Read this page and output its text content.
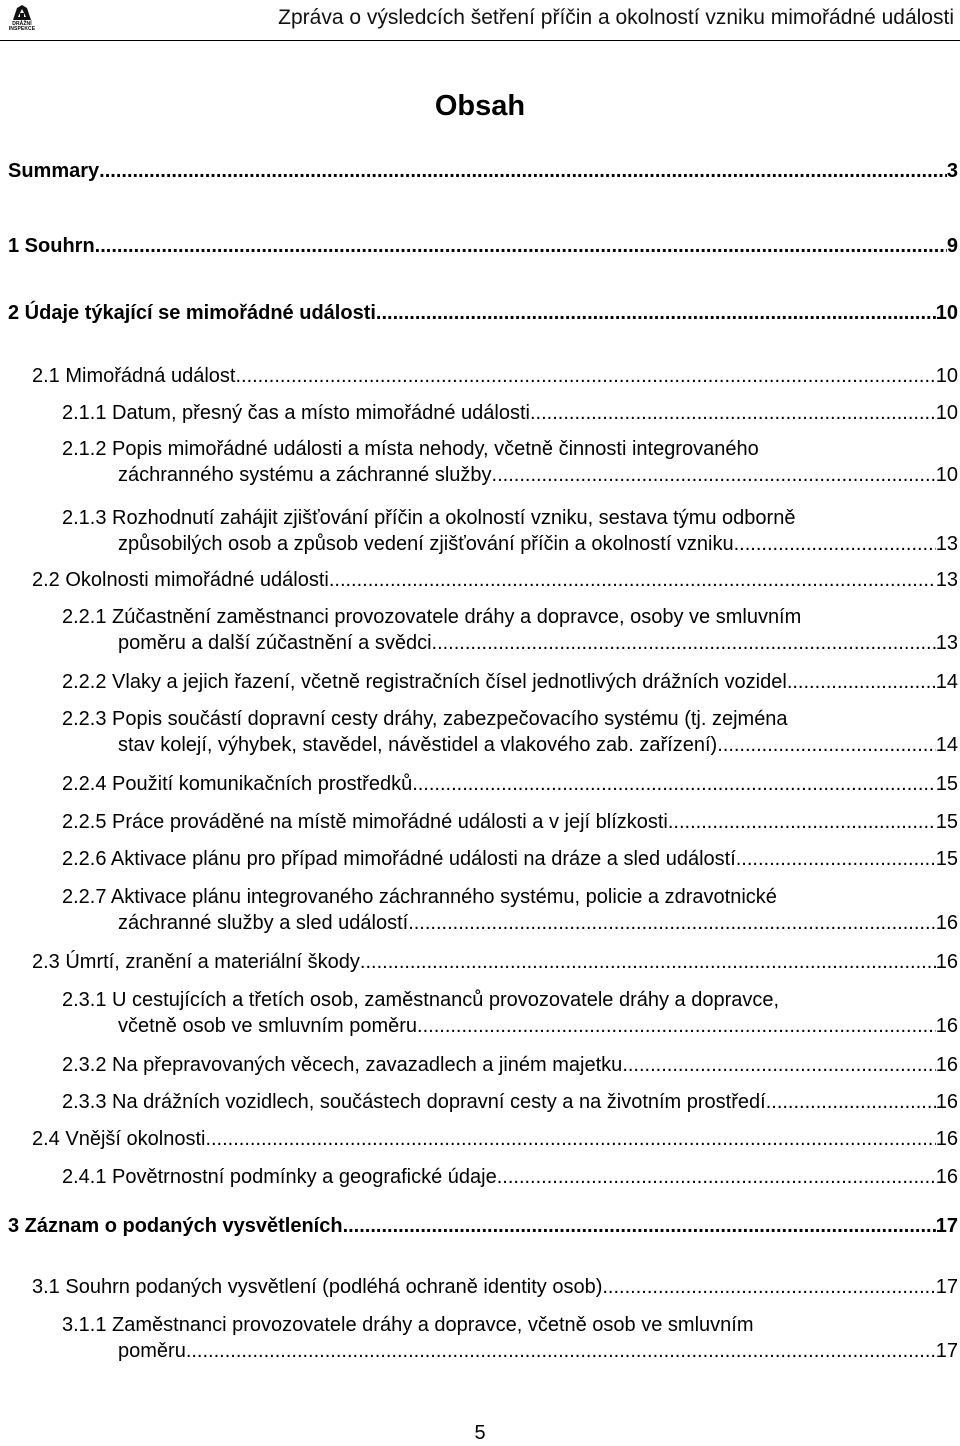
DRÁŽNÍ
INSPEKCE	Zpráva o výsledcích šetření příčin a okolností vzniku mimořádné události
Obsah
Summary .....	3
1 Souhrn .....	9
2 Údaje týkající se mimořádné události .....	10
2.1 Mimořádná událost .....	10
2.1.1 Datum, přesný čas a místo mimořádné události .....	10
2.1.2 Popis mimořádné události a místa nehody, včetně činnosti integrovaného
záchranného systému a záchranné služby .....	10
2.1.3 Rozhodnutí zahájit zjišťování příčin a okolností vzniku, sestava týmu odborně
způsobilých osob a způsob vedení zjišťování příčin a okolností vzniku .....	13
2.2 Okolnosti mimořádné události .....	13
2.2.1 Zúčastnění zaměstnanci provozovatele dráhy a dopravce, osoby ve smluvním
poměru a další zúčastnění a svědci .....	13
2.2.2 Vlaky a jejich řazení, včetně registračních čísel jednotlivých drážních vozidel .....	14
2.2.3 Popis součástí dopravní cesty dráhy, zabezpečovacího systému (tj. zejména
stav kolejí, výhybek, stavědel, návěstidel a vlakového zab. zařízení) .....	14
2.2.4 Použití komunikačních prostředků .....	15
2.2.5 Práce prováděné na místě mimořádné události a v její blízkosti .....	15
2.2.6 Aktivace plánu pro případ mimořádné události na dráze a sled událostí .....	15
2.2.7 Aktivace plánu integrovaného záchranného systému, policie a zdravotnické
záchranné služby a sled událostí .....	16
2.3 Úmrtí, zranění a materiální škody .....	16
2.3.1 U cestujících a třetích osob, zaměstnanců provozovatele dráhy a dopravce,
včetně osob ve smluvním poměru .....	16
2.3.2 Na přepravovaných věcech, zavazadlech a jiném majetku .....	16
2.3.3 Na drážních vozidlech, součástech dopravní cesty a na životním prostředí .....	16
2.4 Vnější okolnosti .....	16
2.4.1 Povětrnostní podmínky a geografické údaje .....	16
3 Záznam o podaných vysvětleních .....	17
3.1 Souhrn podaných vysvětlení (podléhá ochraně identity osob) .....	17
3.1.1 Zaměstnanci provozovatele dráhy a dopravce, včetně osob ve smluvním
poměru .....	17
5
